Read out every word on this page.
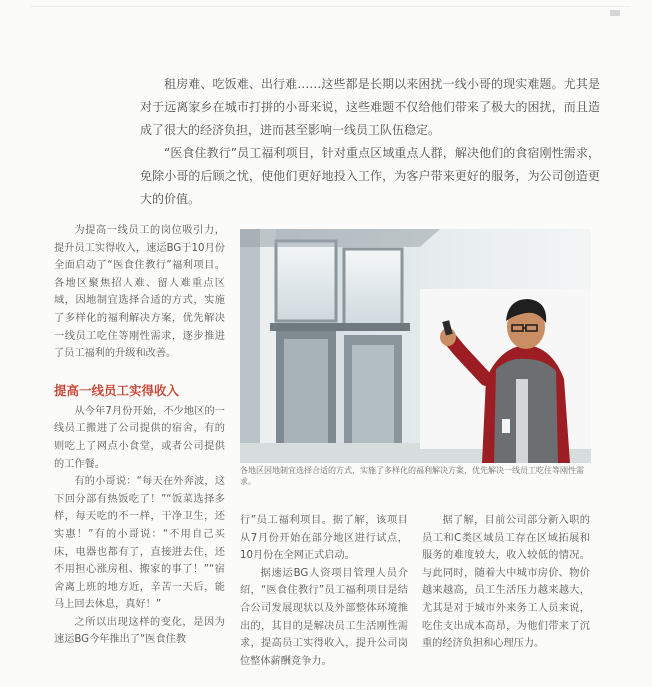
租房难、吃饭难、出行难……这些都是长期以来困扰一线小哥的现实难题。尤其是对于远离家乡在城市打拼的小哥来说，这些难题不仅给他们带来了极大的困扰，而且造成了很大的经济负担，进而甚至影响一线员工队伍稳定。

“医食住教行”员工福利项目，针对重点区域重点人群，解决他们的食宿刚性需求，免除小哥的后顾之忧，使他们更好地投入工作，为客户带来更好的服务，为公司创造更大的价值。

为提高一线员工的岗位吸引力，提升员工实得收入，速运BG于10月份全面启动了“医食住教行”福利项目。各地区聚焦招人难、留人难重点区域，因地制宜选择合适的方式，实施了多样化的福利解决方案，优先解决一线员工吃住等刚性需求，逐步推进了员工福利的升级和改善。

提高一线员工实得收入

从今年7月份开始，不少地区的一线员工搬进了公司提供的宿舍，有的则吃上了网点小食堂，或者公司提供的工作餐。

有的小哥说：“每天在外奔波，这下回分部有热饭吃了！”“饭菜选择多样，每天吃的不一样，干净卫生，还实惠！”有的小哥说：“不用自己买床，电器也都有了，直接进去住，还不用担心涨房租、搬家的事了！”“宿舍离上班的地方近，辛苦一天后，能马上回去休息，真好！”

之所以出现这样的变化，是因为速运BG今年推出了“医食住教

各地区因地制宜选择合适的方式，实施了多样化的福利解决方案，优先解决一线员工吃住等刚性需求。

行”员工福利项目。据了解，该项目从7月份开始在部分地区进行试点，10月份在全网正式启动。

据速运BG人资项目管理人员介绍，“医食住教行”员工福利项目是结合公司发展现状以及外部整体环境推出的，其目的是解决员工生活刚性需求，提高员工实得收入，提升公司岗位整体薪酬竞争力。

据了解，目前公司部分新入职的员工和C类区域员工存在区域拓展和服务的难度较大，收入较低的情况。与此同时，随着大中城市房价、物价越来越高，员工生活压力越来越大，尤其是对于城市外来务工人员来说，吃住支出成本高昂，为他们带来了沉重的经济负担和心理压力。
